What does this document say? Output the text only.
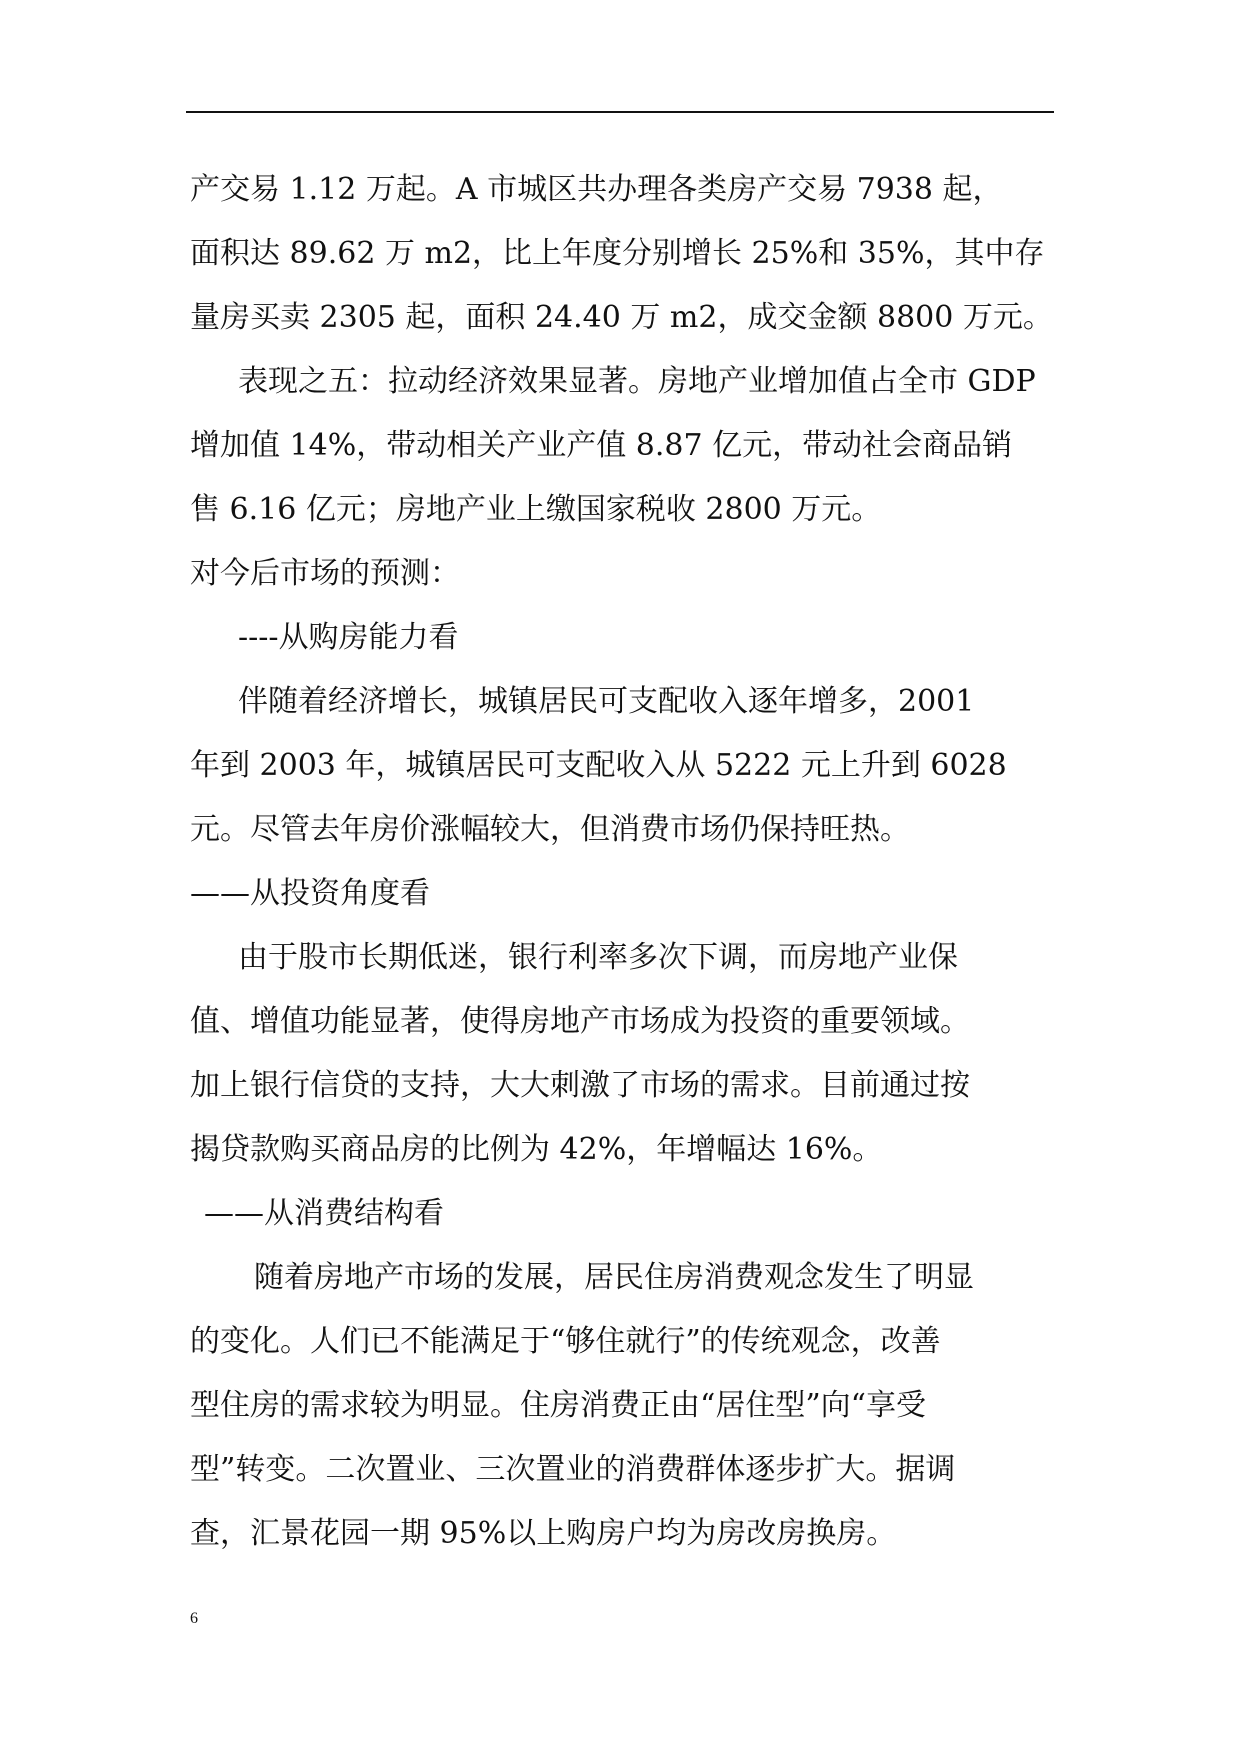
产交易 1.12 万起。A 市城区共办理各类房产交易 7938 起，
面积达 89.62 万 m2，比上年度分别增长 25%和 35%，其中存
量房买卖 2305 起，面积 24.40 万 m2，成交金额 8800 万元。
表现之五：拉动经济效果显著。房地产业增加值占全市 GDP
增加值 14%，带动相关产业产值 8.87 亿元，带动社会商品销
售 6.16 亿元；房地产业上缴国家税收 2800 万元。
对今后市场的预测：
----从购房能力看
伴随着经济增长，城镇居民可支配收入逐年增多，2001
年到 2003 年，城镇居民可支配收入从 5222 元上升到 6028
元。尽管去年房价涨幅较大，但消费市场仍保持旺热。
——从投资角度看
由于股市长期低迷，银行利率多次下调，而房地产业保
值、增值功能显著，使得房地产市场成为投资的重要领域。
加上银行信贷的支持，大大刺激了市场的需求。目前通过按
揭贷款购买商品房的比例为 42%，年增幅达 16%。
——从消费结构看
随着房地产市场的发展，居民住房消费观念发生了明显
的变化。人们已不能满足于“够住就行”的传统观念，改善
型住房的需求较为明显。住房消费正由“居住型”向“享受
型”转变。二次置业、三次置业的消费群体逐步扩大。据调
查，汇景花园一期 95%以上购房户均为房改房换房。
6
